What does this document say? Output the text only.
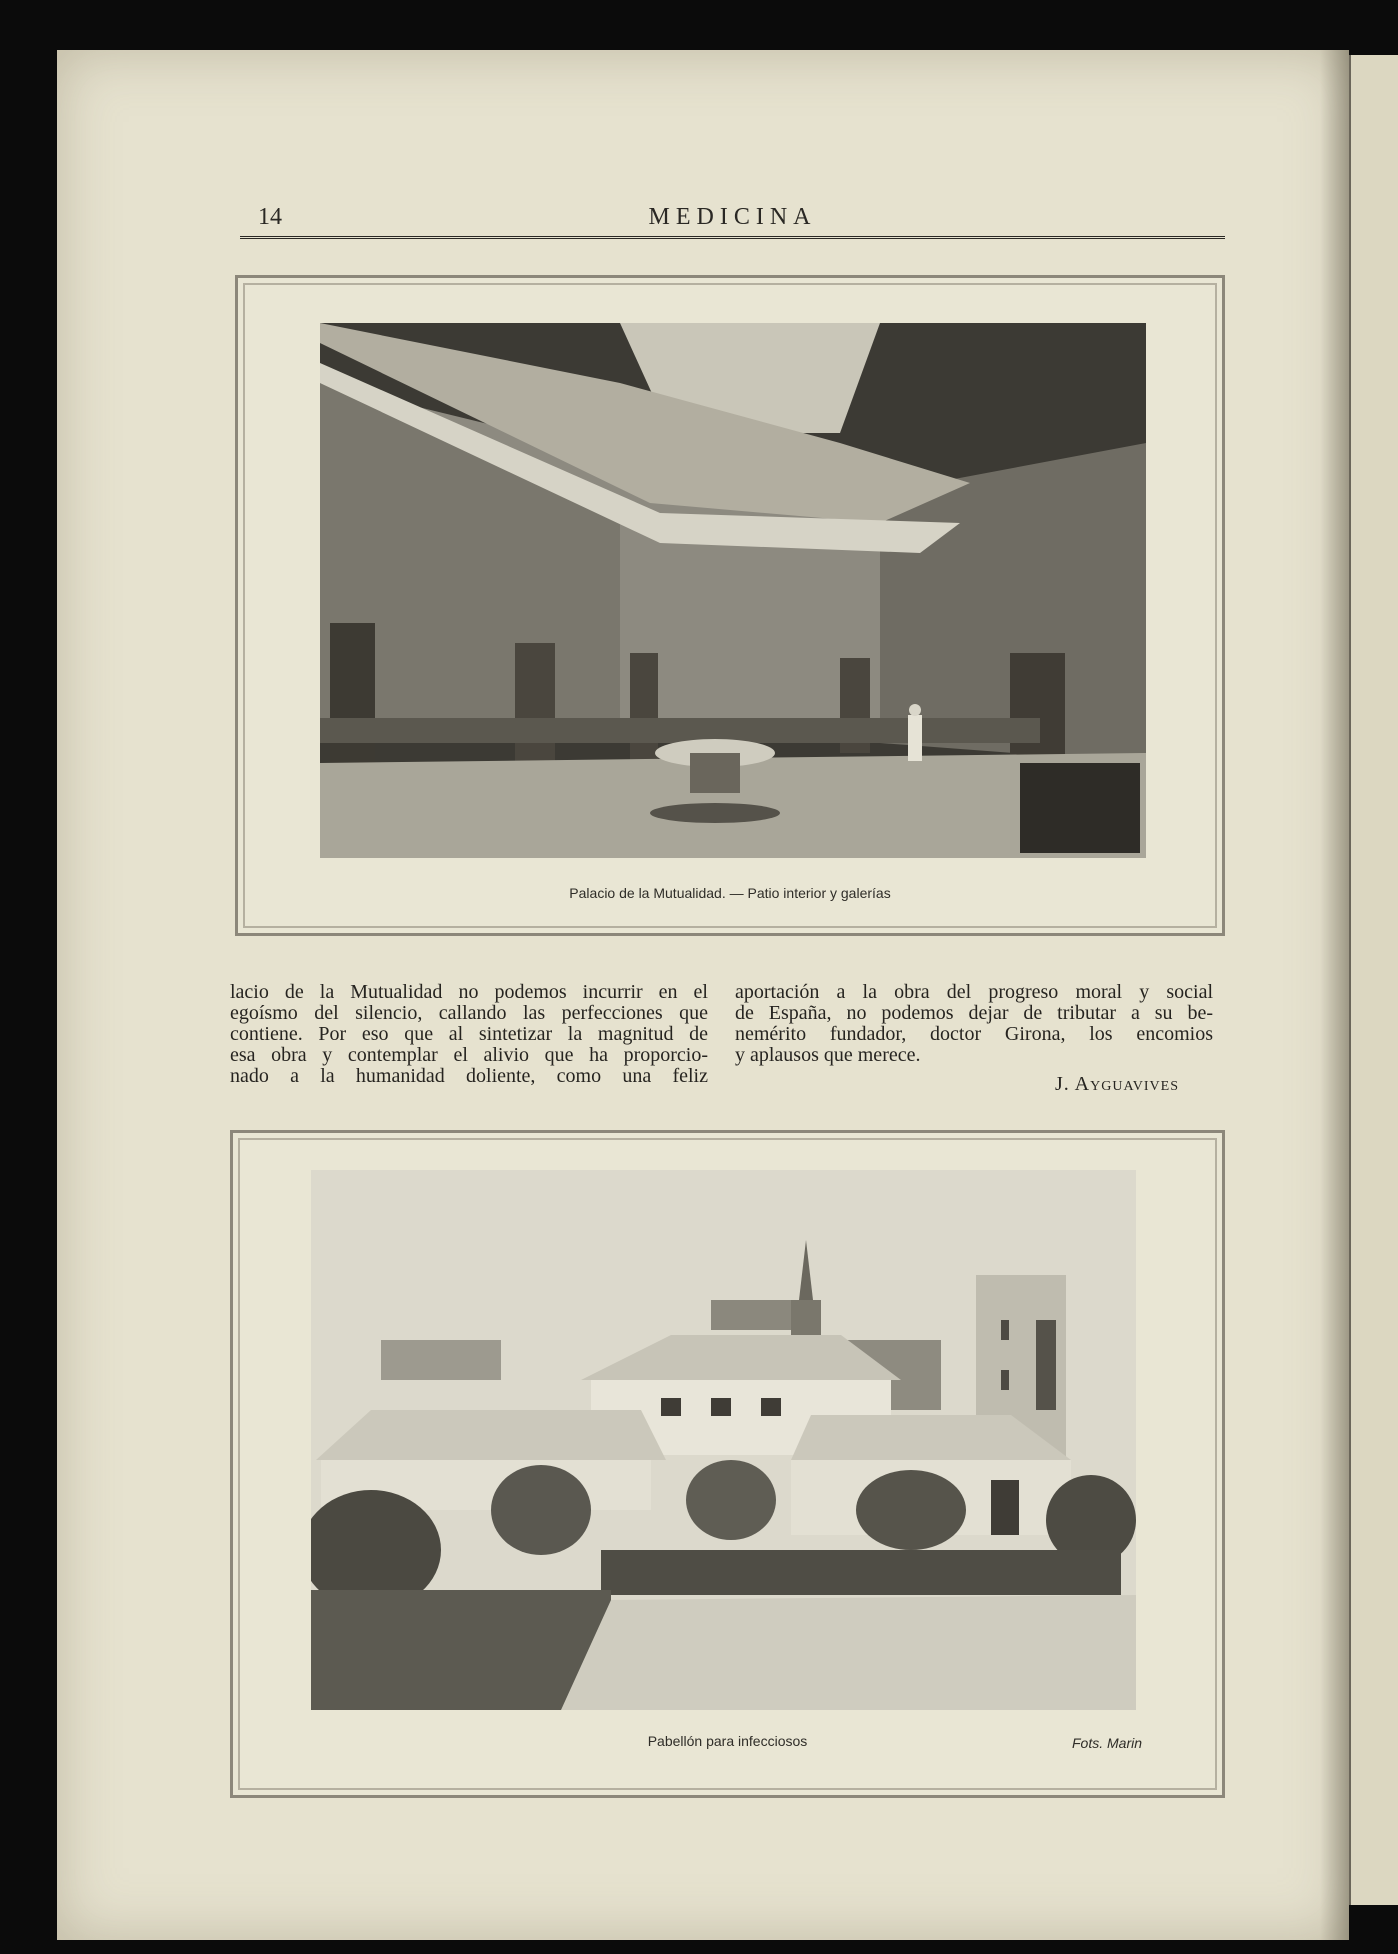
14	MEDICINA
Palacio de la Mutualidad. — Patio interior y galerías
lacio de la Mutualidad no podemos incurrir en el
egoísmo del silencio, callando las perfecciones que
contiene. Por eso que al sintetizar la magnitud de
esa obra y contemplar el alivio que ha proporcio-
nado a la humanidad doliente, como una feliz
aportación a la obra del progreso moral y social
de España, no podemos dejar de tributar a su be-
nemérito fundador, doctor Girona, los encomios
y aplausos que merece.
J. Ayguavives
Pabellón para infecciosos	Fots. Marin
